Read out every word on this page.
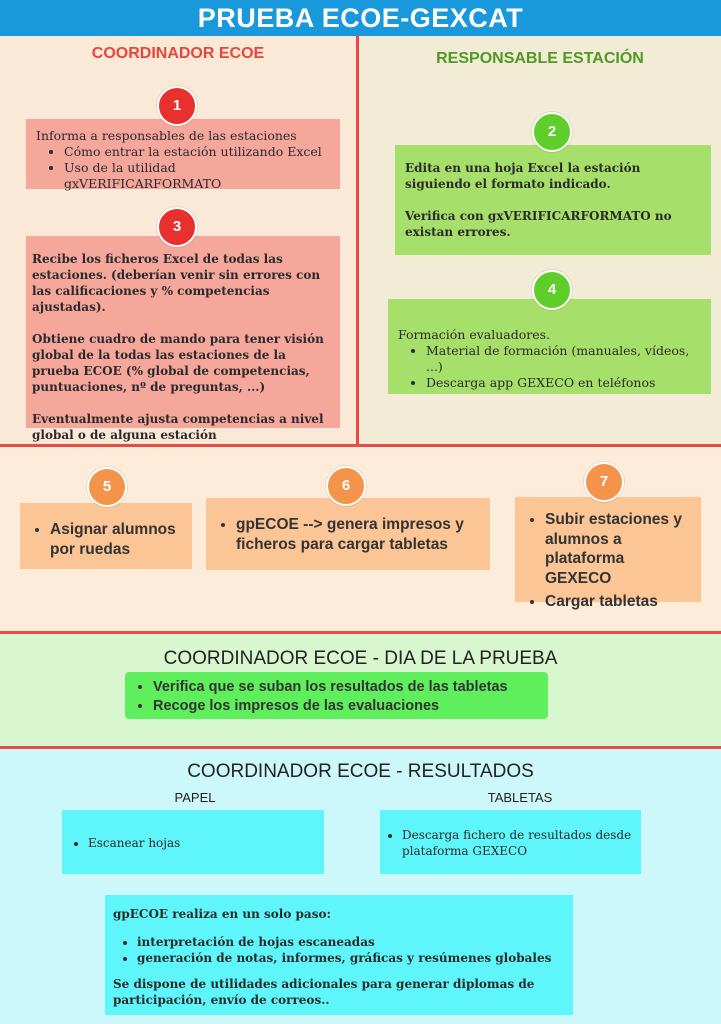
PRUEBA ECOE-GEXCAT
COORDINADOR ECOE	RESPONSABLE ESTACIÓN

Informa a responsables de las estaciones

• Cómo entrar la estación utilizando Excel
• Uso de la utilidad gxVERIFICARFORMATO
1

Recibe los ficheros Excel de todas las estaciones. (deberían venir sin errores con las calificaciones y % competencias ajustadas).

Obtiene cuadro de mando para tener visión global de la todas las estaciones de la prueba ECOE (% global de competencias, puntuaciones, nº de preguntas, ...)

Eventualmente ajusta competencias a nivel global o de alguna estación

3

Edita en una hoja Excel la estación siguiendo el formato indicado.

Verifica con gxVERIFICARFORMATO no existan errores.

2

Formación evaluadores.

• Material de formación (manuales, vídeos, ...)
• Descarga app GEXECO en teléfonos
4
• Asignar alumnos por ruedas
5
• gpECOE --> genera impresos y ficheros para cargar tabletas
6
• Subir estaciones y alumnos a plataforma GEXECO
• Cargar tabletas
7
COORDINADOR ECOE - DIA DE LA PRUEBA
• Verifica que se suban los resultados de las tabletas
• Recoge los impresos de las evaluaciones
COORDINADOR ECOE - RESULTADOS
PAPEL	TABLETAS
• Escanear hojas
• Descarga fichero de resultados desde plataforma GEXECO

gpECOE realiza en un solo paso:

• interpretación de hojas escaneadas
• generación de notas, informes, gráficas y resúmenes globales

Se dispone de utilidades adicionales para generar diplomas de participación, envío de correos..
